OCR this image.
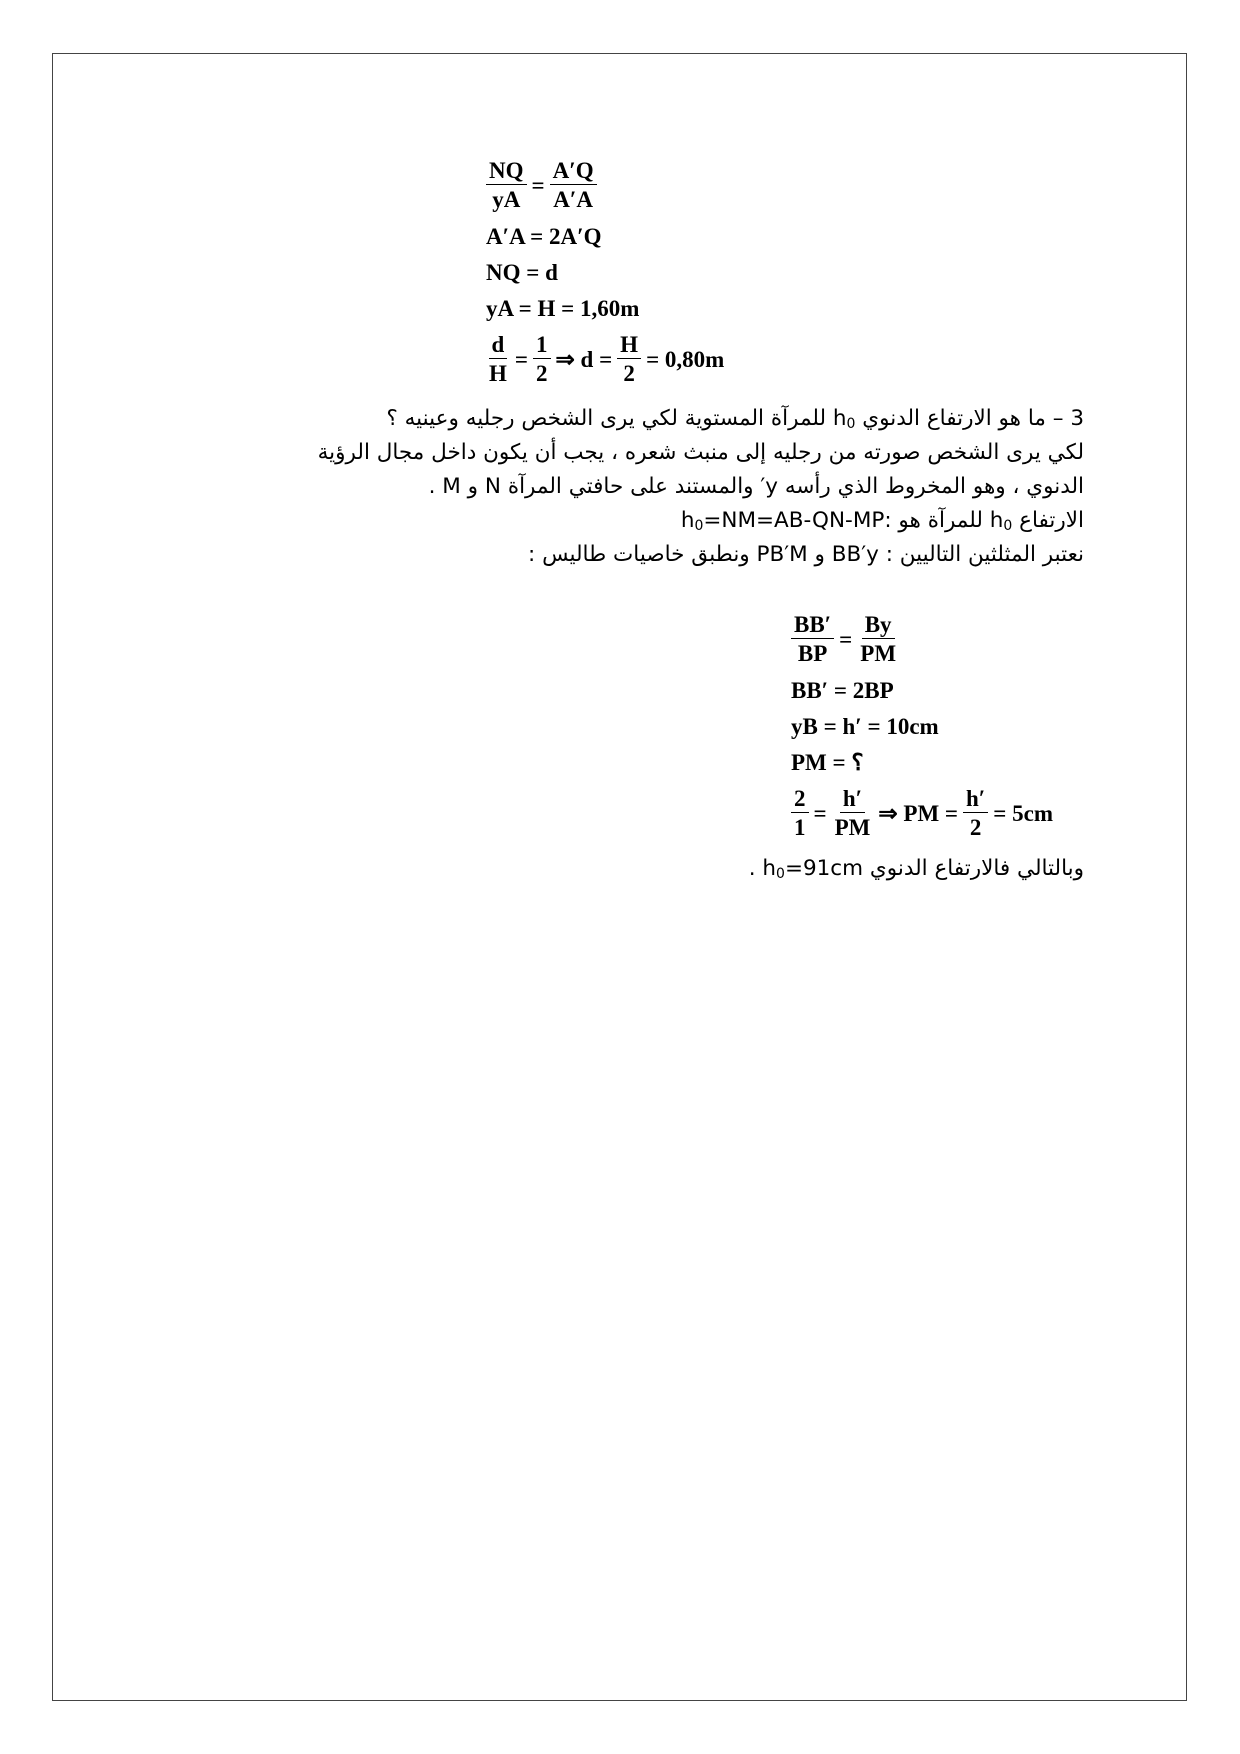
$\frac{NQ}{yA} = \frac{A'Q}{A'A}$
A′A = 2A′Q
NQ = d
yA = H = 1,60m
$\frac{d}{H} = \frac{1}{2}$ ⇒ $d = \frac{H}{2} = 0,80m$
3 – ما هو الارتفاع الدنوي $h_0$ للمرآة المستوية لكي يرى الشخص رجليه وعينيه ؟
لكي يرى الشخص صورته من رجليه إلى منبث شعره ، يجب أن يكون داخل مجال الرؤية
الدنوي ، وهو المخروط الذي رأسه y′ والمستند على حافتي المرآة N و M .
الارتفاع $h_0$ للمرآة هو $:h_0=NM=AB-QN-MP$
نعتبر المثلثين التاليين : BB′y و PB′M ونطبق خاصيات طاليس :
$\frac{BB'}{BP} = \frac{By}{PM}$
BB′ = 2BP
yB = h′ = 10cm
PM = ؟
$\frac{2}{1} = \frac{h'}{PM}$ ⇒ PM = $\frac{h'}{2} = 5cm$
وبالتالي فالارتفاع الدنوي $h_0=91cm$ .
